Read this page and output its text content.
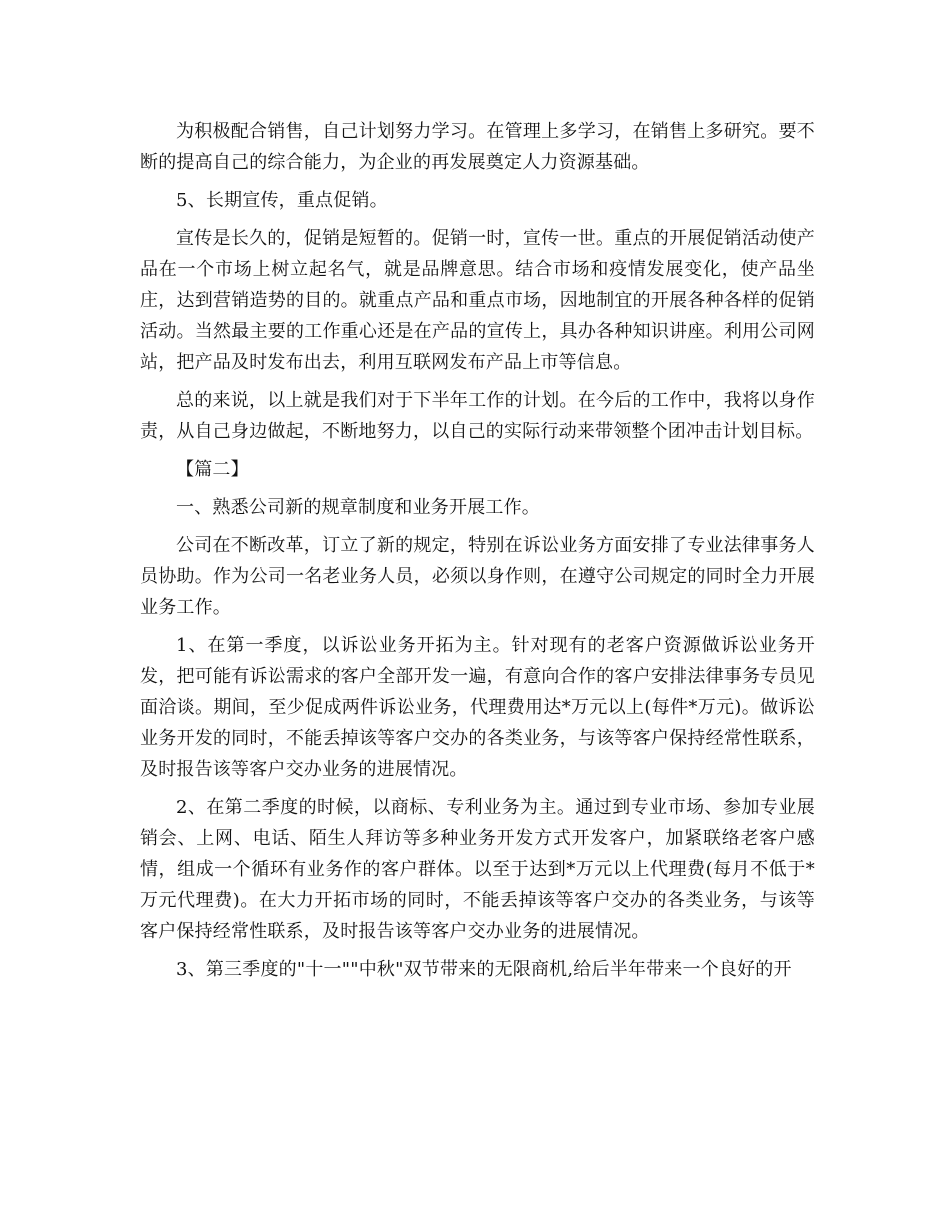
为积极配合销售，自己计划努力学习。在管理上多学习，在销售上多研究。要不断的提高自己的综合能力，为企业的再发展奠定人力资源基础。

5、长期宣传，重点促销。

宣传是长久的，促销是短暂的。促销一时，宣传一世。重点的开展促销活动使产品在一个市场上树立起名气，就是品牌意思。结合市场和疫情发展变化，使产品坐庄，达到营销造势的目的。就重点产品和重点市场，因地制宜的开展各种各样的促销活动。当然最主要的工作重心还是在产品的宣传上，具办各种知识讲座。利用公司网站，把产品及时发布出去，利用互联网发布产品上市等信息。

总的来说，以上就是我们对于下半年工作的计划。在今后的工作中，我将以身作责，从自己身边做起，不断地努力，以自己的实际行动来带领整个团冲击计划目标。

【篇二】

一、熟悉公司新的规章制度和业务开展工作。

公司在不断改革，订立了新的规定，特别在诉讼业务方面安排了专业法律事务人员协助。作为公司一名老业务人员，必须以身作则，在遵守公司规定的同时全力开展业务工作。

1、在第一季度，以诉讼业务开拓为主。针对现有的老客户资源做诉讼业务开发，把可能有诉讼需求的客户全部开发一遍，有意向合作的客户安排法律事务专员见面洽谈。期间，至少促成两件诉讼业务，代理费用达*万元以上(每件*万元)。做诉讼业务开发的同时，不能丢掉该等客户交办的各类业务，与该等客户保持经常性联系，及时报告该等客户交办业务的进展情况。

2、在第二季度的时候，以商标、专利业务为主。通过到专业市场、参加专业展销会、上网、电话、陌生人拜访等多种业务开发方式开发客户，加紧联络老客户感情，组成一个循环有业务作的客户群体。以至于达到*万元以上代理费(每月不低于*万元代理费)。在大力开拓市场的同时，不能丢掉该等客户交办的各类业务，与该等客户保持经常性联系，及时报告该等客户交办业务的进展情况。

3、第三季度的"十一""中秋"双节带来的无限商机,给后半年带来一个良好的开
